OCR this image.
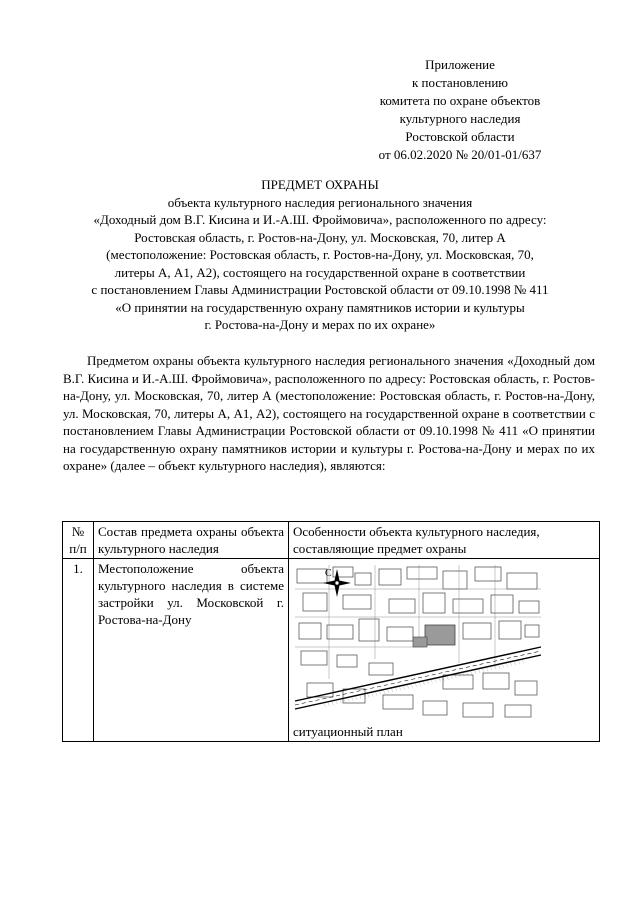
Приложение
к постановлению
комитета по охране объектов
культурного наследия
Ростовской области
от 06.02.2020 № 20/01-01/637
ПРЕДМЕТ ОХРАНЫ
объекта культурного наследия регионального значения
«Доходный дом В.Г. Кисина и И.-А.Ш. Фроймовича», расположенного по адресу:
Ростовская область, г. Ростов-на-Дону, ул. Московская, 70, литер А
(местоположение: Ростовская область, г. Ростов-на-Дону, ул. Московская, 70,
литеры А, А1, А2), состоящего на государственной охране в соответствии
с постановлением Главы Администрации Ростовской области от 09.10.1998 № 411
«О принятии на государственную охрану памятников истории и культуры
г. Ростова-на-Дону и мерах по их охране»

Предметом охраны объекта культурного наследия регионального значения «Доходный дом В.Г. Кисина и И.-А.Ш. Фроймовича», расположенного по адресу: Ростовская область, г. Ростов-на-Дону, ул. Московская, 70, литер А (местоположение: Ростовская область, г. Ростов-на-Дону, ул. Московская, 70, литеры А, А1, А2), состоящего на государственной охране в соответствии с постановлением Главы Администрации Ростовской области от 09.10.1998 № 411 «О принятии на государственную охрану памятников истории и культуры г. Ростова-на-Дону и мерах по их охране» (далее – объект культурного наследия), являются:

№ п/п	Состав предмета охраны объекта культурного наследия	Особенности объекта культурного наследия, составляющие предмет охраны
1.	Местоположение объекта культурного наследия в системе застройки ул. Московской г. Ростова-на-Дону	С
ситуационный план
